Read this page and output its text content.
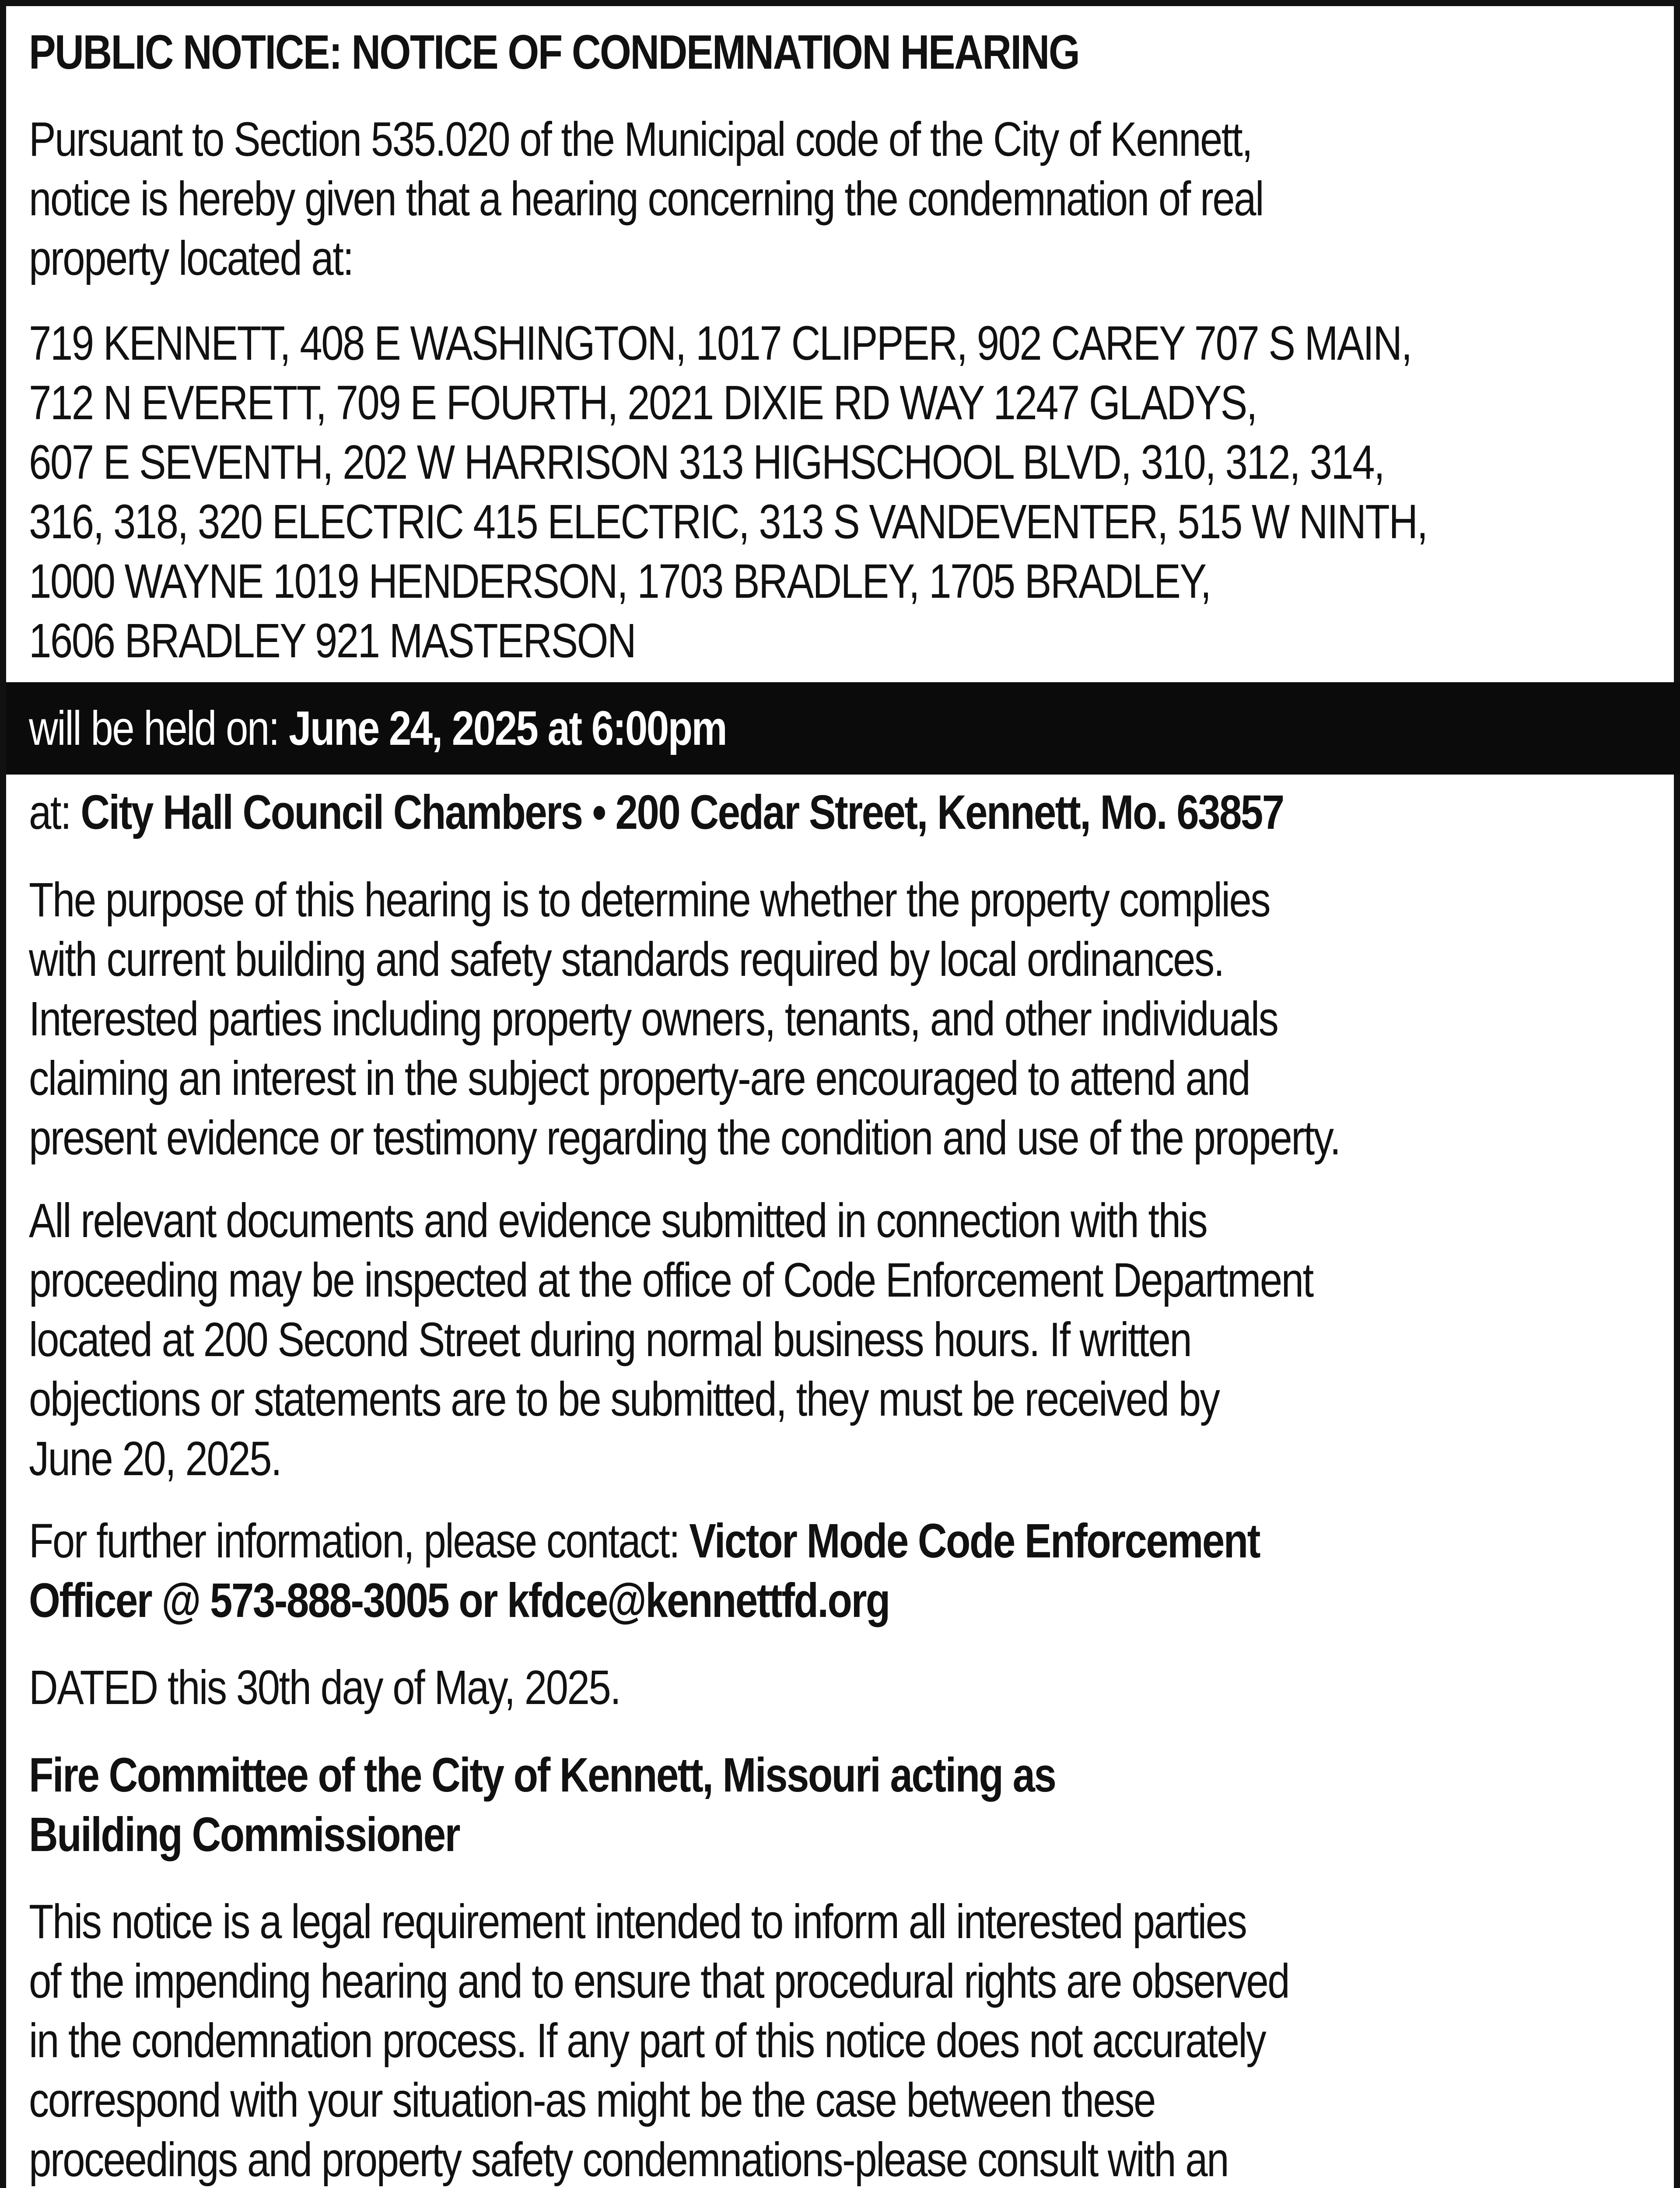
PUBLIC NOTICE: NOTICE OF CONDEMNATION HEARING
Pursuant to Section 535.020 of the Municipal code of the City of Kennett,
notice is hereby given that a hearing concerning the condemnation of real
property located at:
719 KENNETT, 408 E WASHINGTON, 1017 CLIPPER, 902 CAREY 707 S MAIN,
712 N EVERETT, 709 E FOURTH, 2021 DIXIE RD WAY 1247 GLADYS,
607 E SEVENTH, 202 W HARRISON 313 HIGHSCHOOL BLVD, 310, 312, 314,
316, 318, 320 ELECTRIC 415 ELECTRIC, 313 S VANDEVENTER, 515 W NINTH,
1000 WAYNE 1019 HENDERSON, 1703 BRADLEY, 1705 BRADLEY,
1606 BRADLEY 921 MASTERSON
will be held on: June 24, 2025 at 6:00pm
at: City Hall Council Chambers • 200 Cedar Street, Kennett, Mo. 63857
The purpose of this hearing is to determine whether the property complies
with current building and safety standards required by local ordinances.
Interested parties including property owners, tenants, and other individuals
claiming an interest in the subject property-are encouraged to attend and
present evidence or testimony regarding the condition and use of the property.
All relevant documents and evidence submitted in connection with this
proceeding may be inspected at the office of Code Enforcement Department
located at 200 Second Street during normal business hours. If written
objections or statements are to be submitted, they must be received by
June 20, 2025.
For further information, please contact: Victor Mode Code Enforcement
Officer @ 573-888-3005 or kfdce@kennettfd.org
DATED this 30th day of May, 2025.
Fire Committee of the City of Kennett, Missouri acting as
Building Commissioner
This notice is a legal requirement intended to inform all interested parties
of the impending hearing and to ensure that procedural rights are observed
in the condemnation process. If any part of this notice does not accurately
correspond with your situation-as might be the case between these
proceedings and property safety condemnations-please consult with an
